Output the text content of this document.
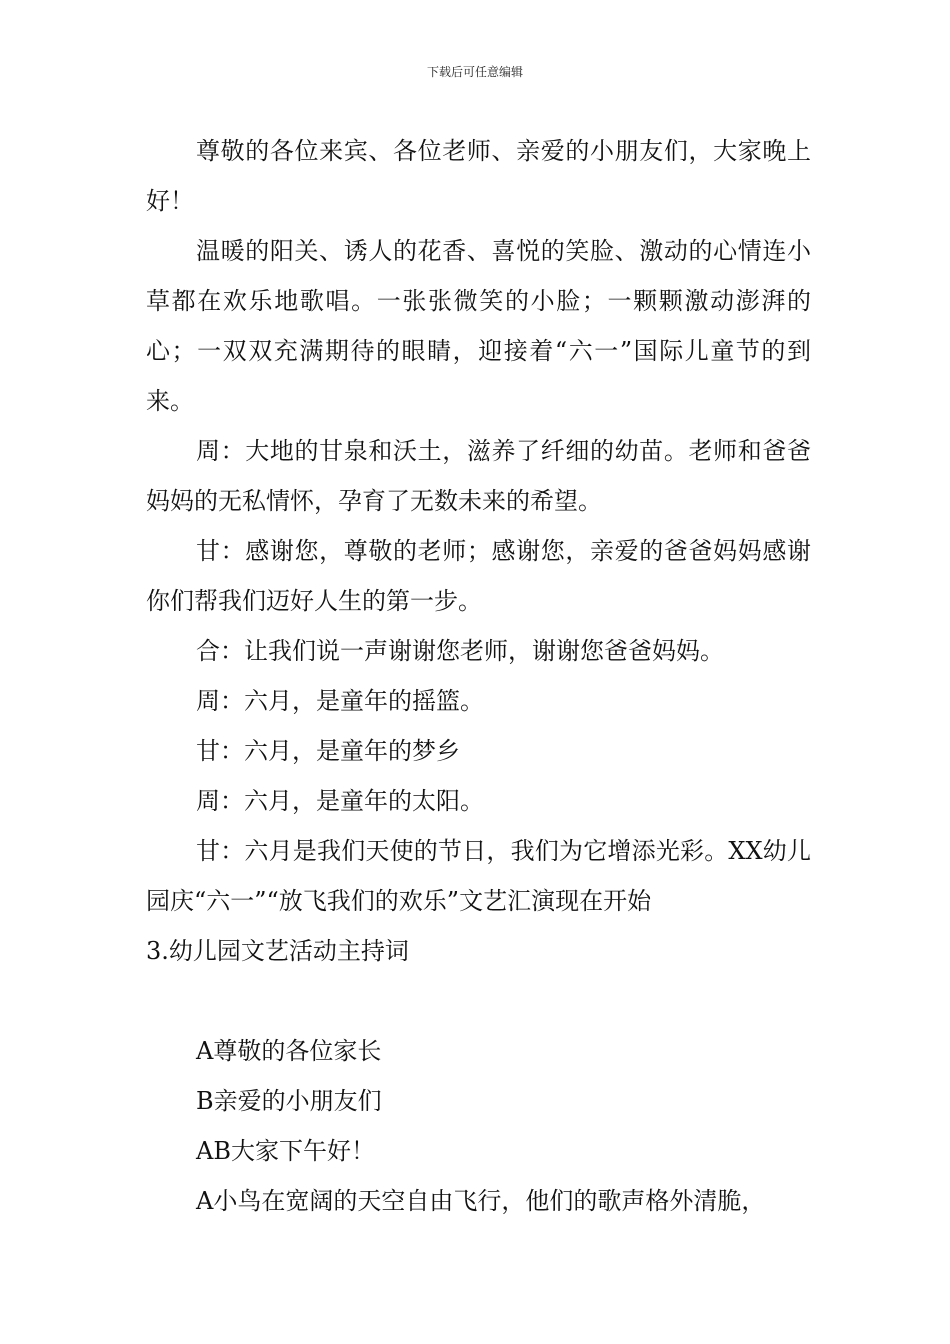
下载后可任意编辑

尊敬的各位来宾、各位老师、亲爱的小朋友们，大家晚上好！

温暖的阳关、诱人的花香、喜悦的笑脸、激动的心情连小草都在欢乐地歌唱。一张张微笑的小脸；一颗颗激动澎湃的心；一双双充满期待的眼睛，迎接着“六一”国际儿童节的到来。

周：大地的甘泉和沃土，滋养了纤细的幼苗。老师和爸爸妈妈的无私情怀，孕育了无数未来的希望。

甘：感谢您，尊敬的老师；感谢您，亲爱的爸爸妈妈感谢你们帮我们迈好人生的第一步。

合：让我们说一声谢谢您老师，谢谢您爸爸妈妈。

周：六月，是童年的摇篮。

甘：六月，是童年的梦乡

周：六月，是童年的太阳。

甘：六月是我们天使的节日，我们为它增添光彩。XX幼儿园庆“六一”“放飞我们的欢乐”文艺汇演现在开始

3.幼儿园文艺活动主持词

A尊敬的各位家长

B亲爱的小朋友们

AB大家下午好！

A小鸟在宽阔的天空自由飞行，他们的歌声格外清脆，
